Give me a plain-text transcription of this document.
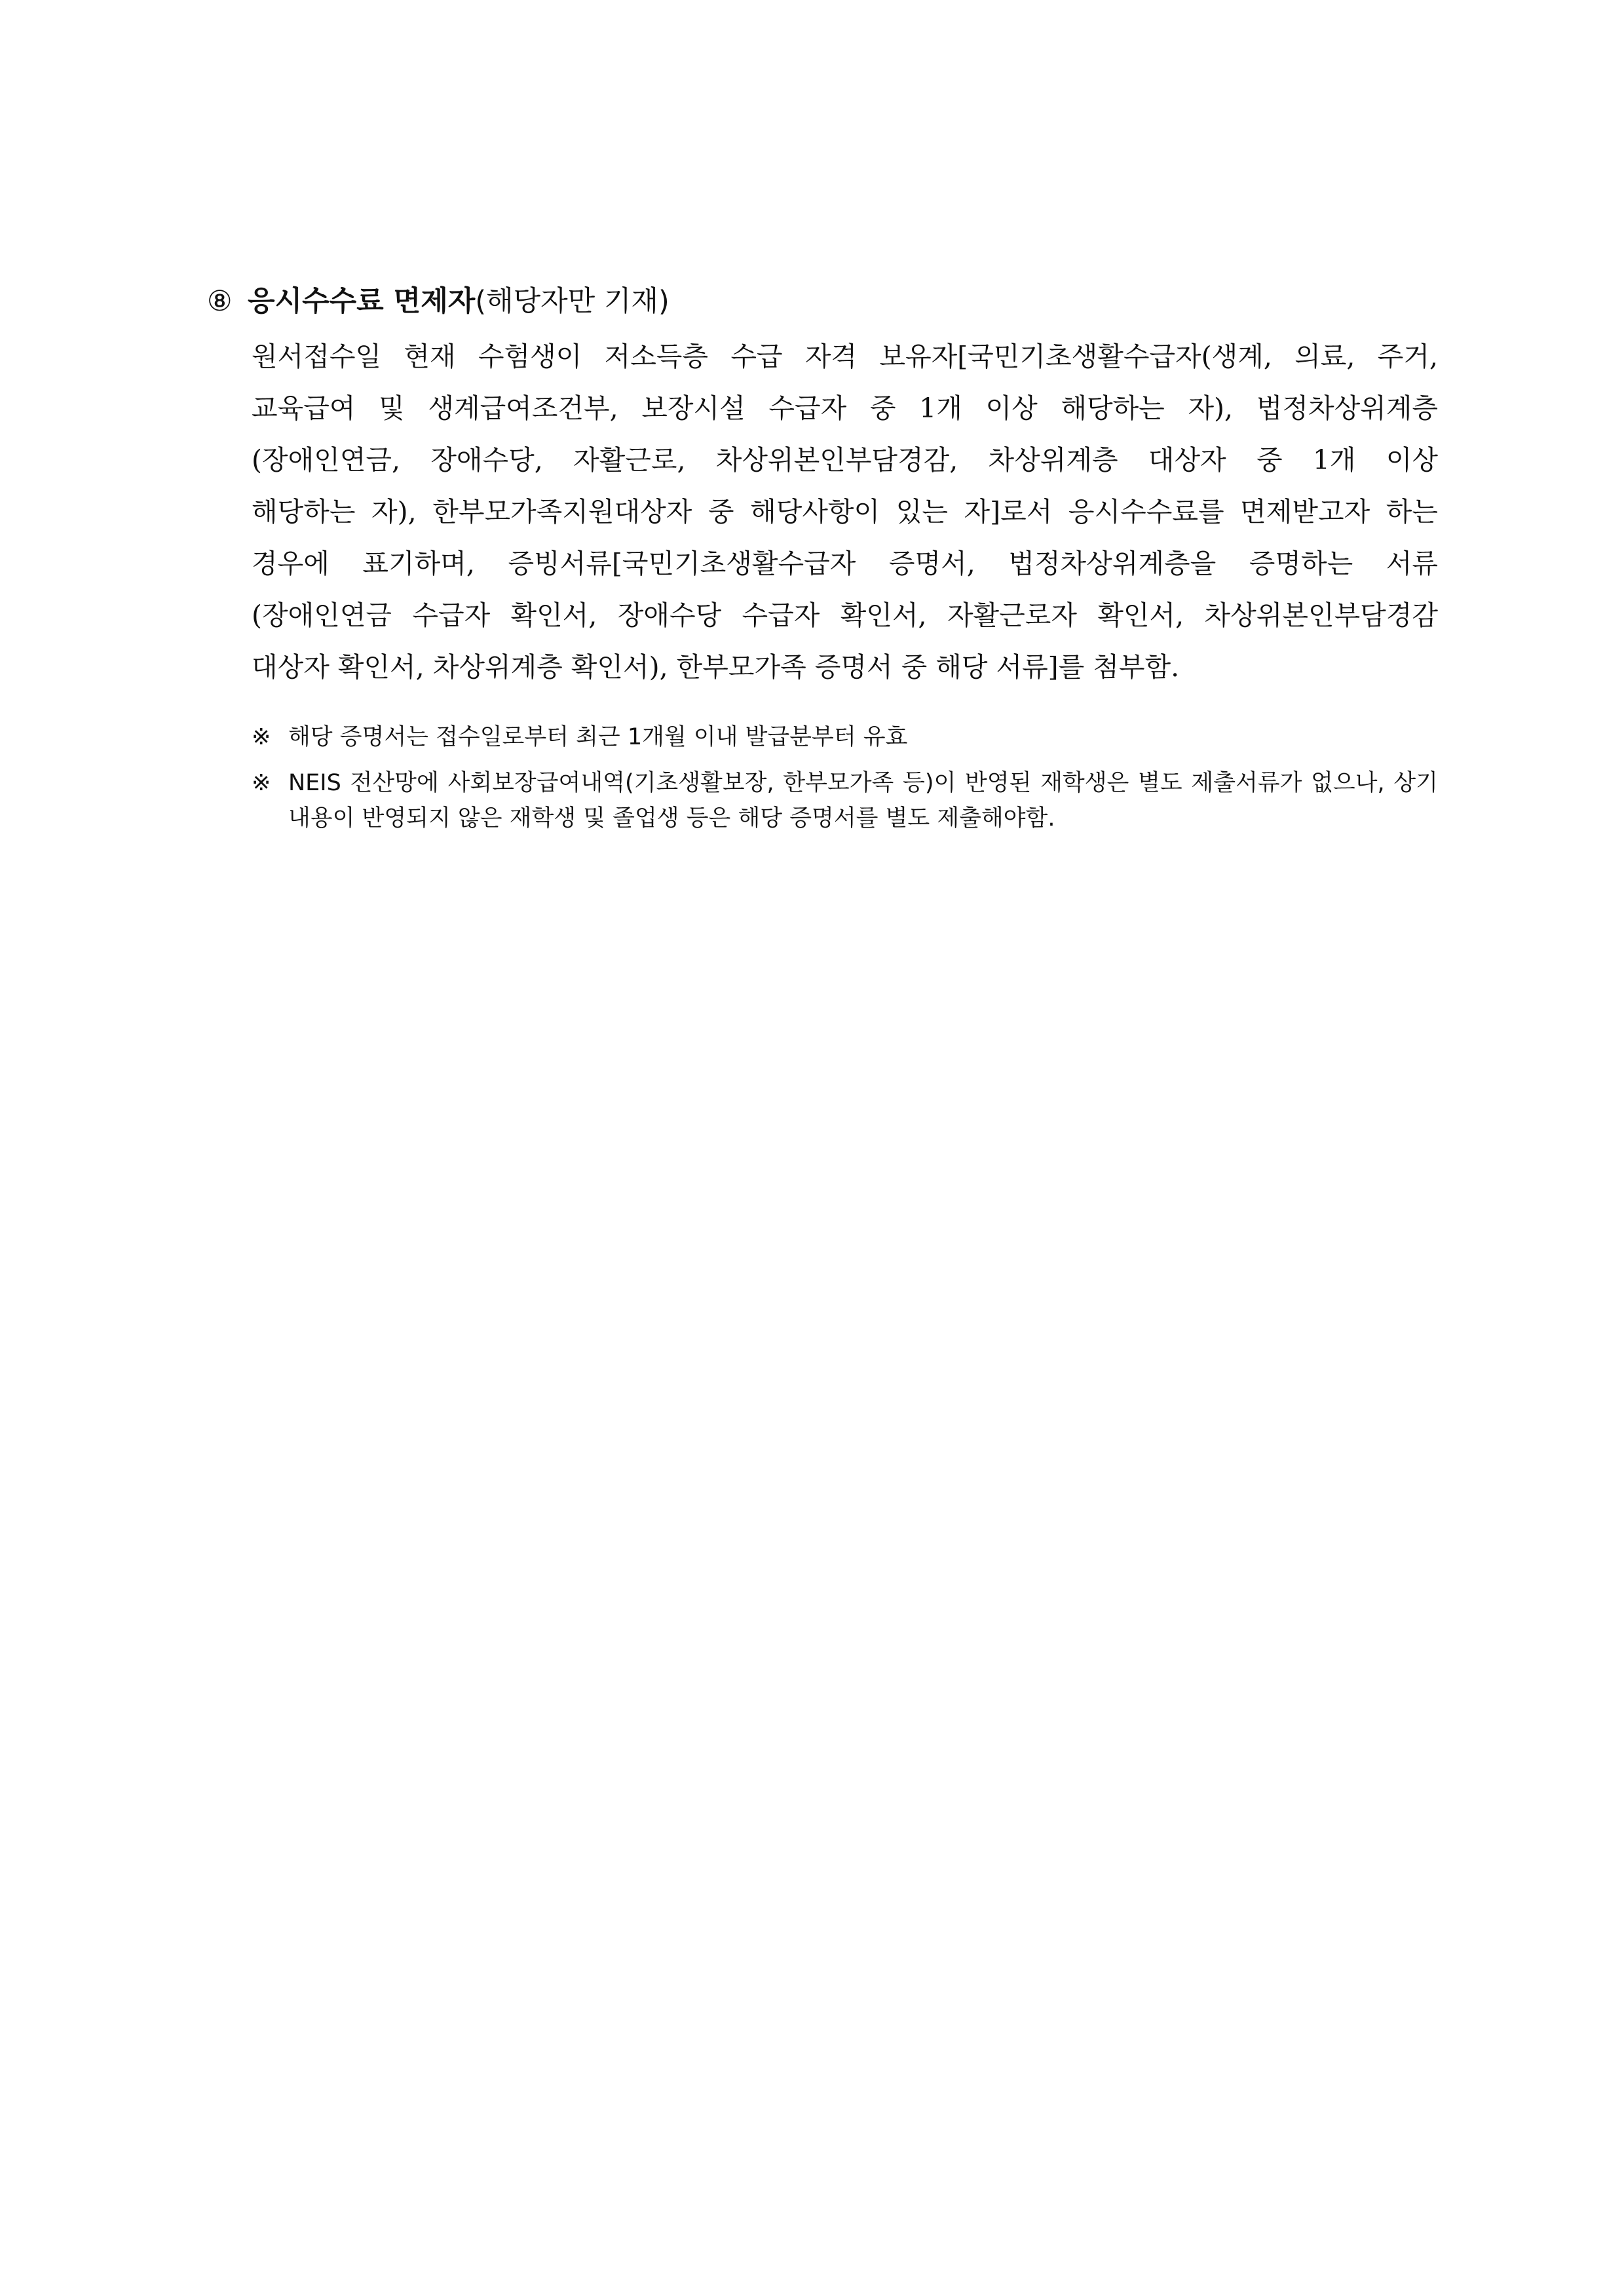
⑧ 응시수수료 면제자(해당자만 기재)
원서접수일 현재 수험생이 저소득층 수급 자격 보유자[국민기초생활수급자(생계, 의료, 주거,
교육급여 및 생계급여조건부, 보장시설 수급자 중 1개 이상 해당하는 자), 법정차상위계층
(장애인연금, 장애수당, 자활근로, 차상위본인부담경감, 차상위계층 대상자 중 1개 이상
해당하는 자), 한부모가족지원대상자 중 해당사항이 있는 자]로서 응시수수료를 면제받고자 하는
경우에 표기하며, 증빙서류[국민기초생활수급자 증명서, 법정차상위계층을 증명하는 서류
(장애인연금 수급자 확인서, 장애수당 수급자 확인서, 자활근로자 확인서, 차상위본인부담경감
대상자 확인서, 차상위계층 확인서), 한부모가족 증명서 중 해당 서류]를 첨부함.
※ 해당 증명서는 접수일로부터 최근 1개월 이내 발급분부터 유효
※ NEIS 전산망에 사회보장급여내역(기초생활보장, 한부모가족 등)이 반영된 재학생은 별도 제출서류가 없으나, 상기
내용이 반영되지 않은 재학생 및 졸업생 등은 해당 증명서를 별도 제출해야함.
